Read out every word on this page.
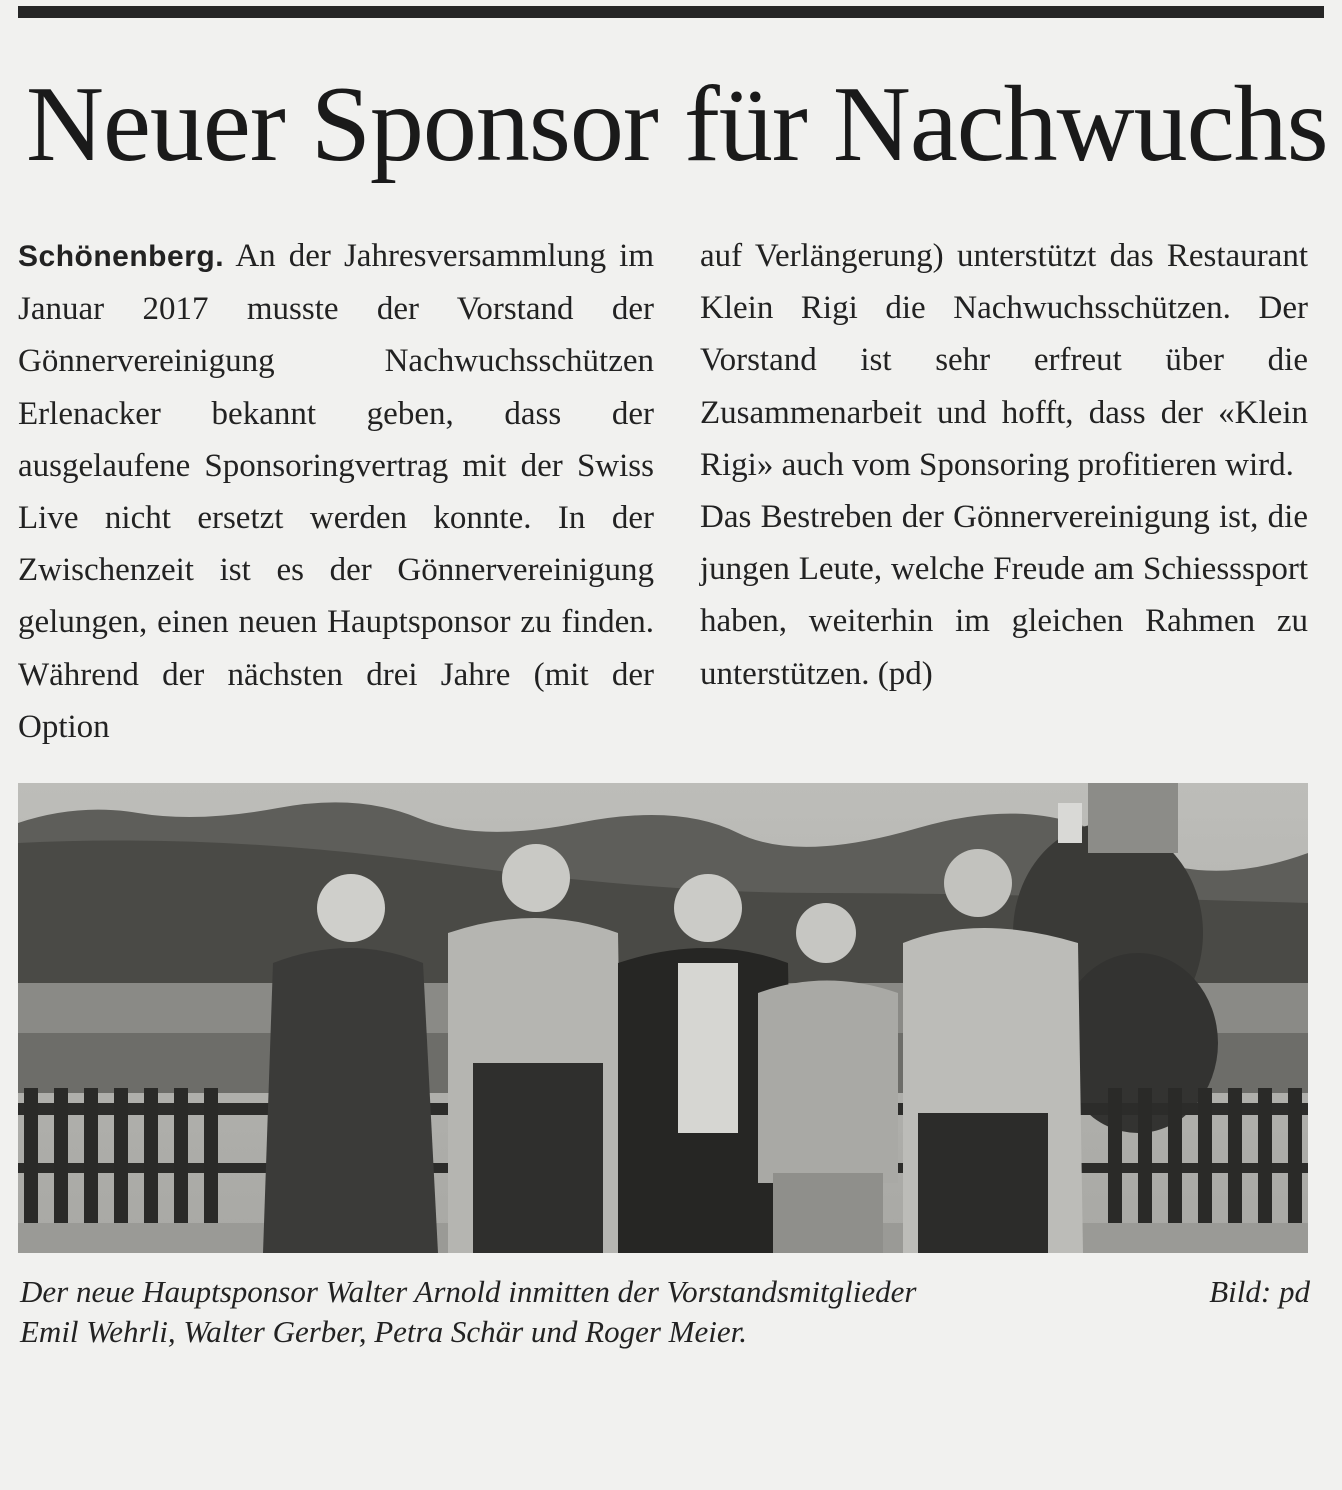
Neuer Sponsor für Nachwuchs

Schönenberg. An der Jahresversammlung im Januar 2017 musste der Vorstand der Gönnervereinigung Nachwuchsschützen Erlenacker bekannt geben, dass der ausgelaufene Sponsoringvertrag mit der Swiss Live nicht ersetzt werden konnte. In der Zwischenzeit ist es der Gönnervereinigung gelungen, einen neuen Hauptsponsor zu finden. Während der nächsten drei Jahre (mit der Option

auf Verlängerung) unterstützt das Restaurant Klein Rigi die Nachwuchsschützen. Der Vorstand ist sehr erfreut über die Zusammenarbeit und hofft, dass der «Klein Rigi» auch vom Sponsoring profitieren wird.

Das Bestreben der Gönnervereinigung ist, die jungen Leute, welche Freude am Schiesssport haben, weiterhin im gleichen Rahmen zu unterstützen. (pd)

Der neue Hauptsponsor Walter Arnold inmitten der Vorstandsmitglieder
Emil Wehrli, Walter Gerber, Petra Schär und Roger Meier.
Bild: pd
